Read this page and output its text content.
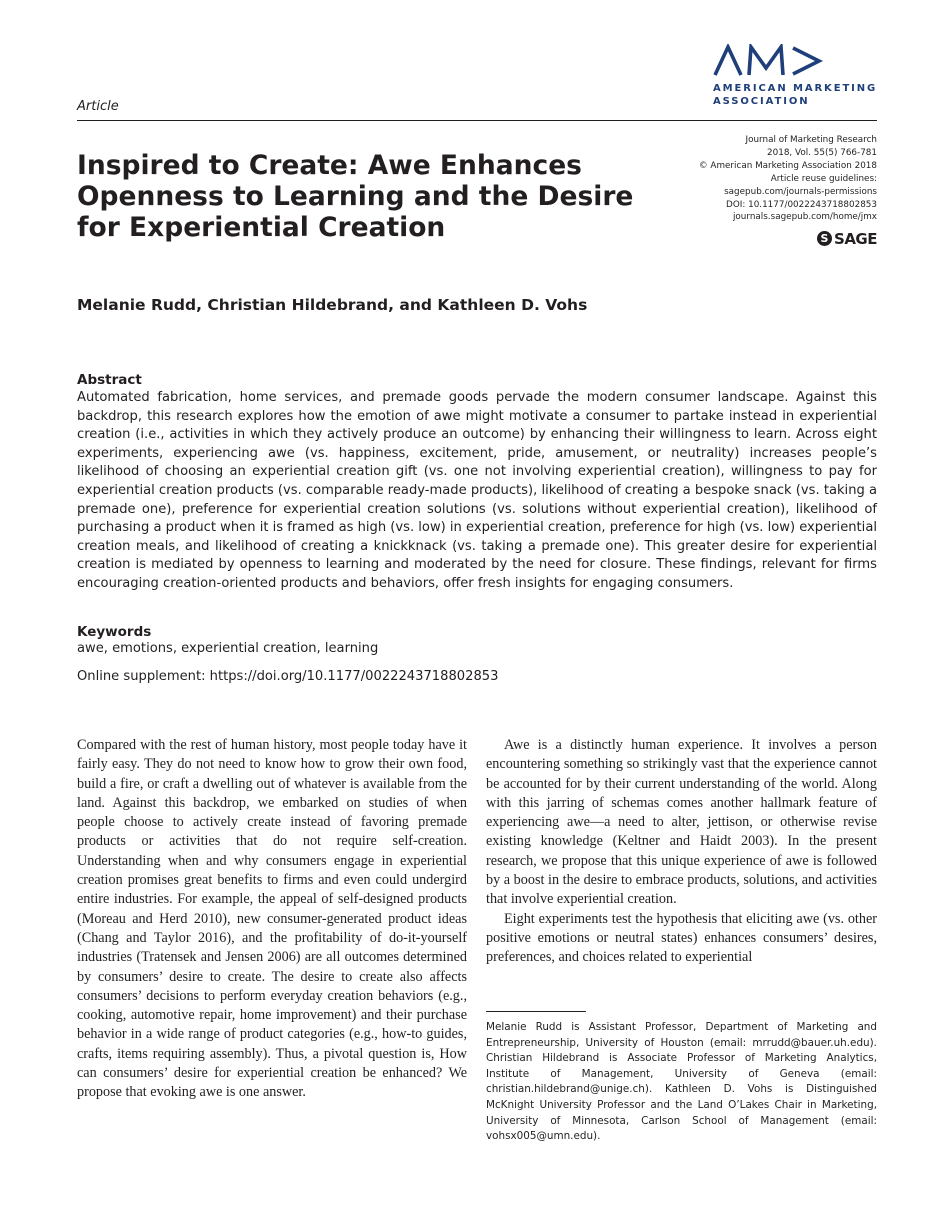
Article
AMERICAN MARKETING
ASSOCIATION
Journal of Marketing Research
2018, Vol. 55(5) 766-781
© American Marketing Association 2018
Article reuse guidelines:
sagepub.com/journals-permissions
DOI: 10.1177/0022243718802853
journals.sagepub.com/home/jmx
S SAGE
Inspired to Create: Awe Enhances
Openness to Learning and the Desire
for Experiential Creation
Melanie Rudd, Christian Hildebrand, and Kathleen D. Vohs
Abstract
Automated fabrication, home services, and premade goods pervade the modern consumer landscape. Against this backdrop, this research explores how the emotion of awe might motivate a consumer to partake instead in experiential creation (i.e., activities in which they actively produce an outcome) by enhancing their willingness to learn. Across eight experiments, experiencing awe (vs. happiness, excitement, pride, amusement, or neutrality) increases people’s likelihood of choosing an experiential creation gift (vs. one not involving experiential creation), willingness to pay for experiential creation products (vs. comparable ready-made products), likelihood of creating a bespoke snack (vs. taking a premade one), preference for experiential creation solutions (vs. solutions without experiential creation), likelihood of purchasing a product when it is framed as high (vs. low) in experiential creation, preference for high (vs. low) experiential creation meals, and likelihood of creating a knickknack (vs. taking a premade one). This greater desire for experiential creation is mediated by openness to learning and moderated by the need for closure. These findings, relevant for firms encouraging creation-oriented products and behaviors, offer fresh insights for engaging consumers.
Keywords
awe, emotions, experiential creation, learning
Online supplement: https://doi.org/10.1177/0022243718802853

Compared with the rest of human history, most people today have it fairly easy. They do not need to know how to grow their own food, build a fire, or craft a dwelling out of whatever is available from the land. Against this backdrop, we embarked on studies of when people choose to actively create instead of favoring premade products or activities that do not require self-creation. Understanding when and why consumers engage in experiential creation promises great benefits to firms and even could undergird entire industries. For example, the appeal of self-designed products (Moreau and Herd 2010), new consumer-generated product ideas (Chang and Taylor 2016), and the profitability of do-it-yourself industries (Tratensek and Jensen 2006) are all outcomes determined by consumers’ desire to create. The desire to create also affects consumers’ decisions to perform everyday creation behaviors (e.g., cooking, automotive repair, home improvement) and their purchase behavior in a wide range of product categories (e.g., how-to guides, crafts, items requiring assembly). Thus, a pivotal question is, How can consumers’ desire for experiential creation be enhanced? We propose that evoking awe is one answer.

Awe is a distinctly human experience. It involves a person encountering something so strikingly vast that the experience cannot be accounted for by their current understanding of the world. Along with this jarring of schemas comes another hallmark feature of experiencing awe—a need to alter, jettison, or otherwise revise existing knowledge (Keltner and Haidt 2003). In the present research, we propose that this unique experience of awe is followed by a boost in the desire to embrace products, solutions, and activities that involve experiential creation.

Eight experiments test the hypothesis that eliciting awe (vs. other positive emotions or neutral states) enhances consumers’ desires, preferences, and choices related to experiential

Melanie Rudd is Assistant Professor, Department of Marketing and Entrepreneurship, University of Houston (email: mrrudd@bauer.uh.edu). Christian Hildebrand is Associate Professor of Marketing Analytics, Institute of Management, University of Geneva (email: christian.hildebrand@unige.ch). Kathleen D. Vohs is Distinguished McKnight University Professor and the Land O’Lakes Chair in Marketing, University of Minnesota, Carlson School of Management (email: vohsx005@umn.edu).
